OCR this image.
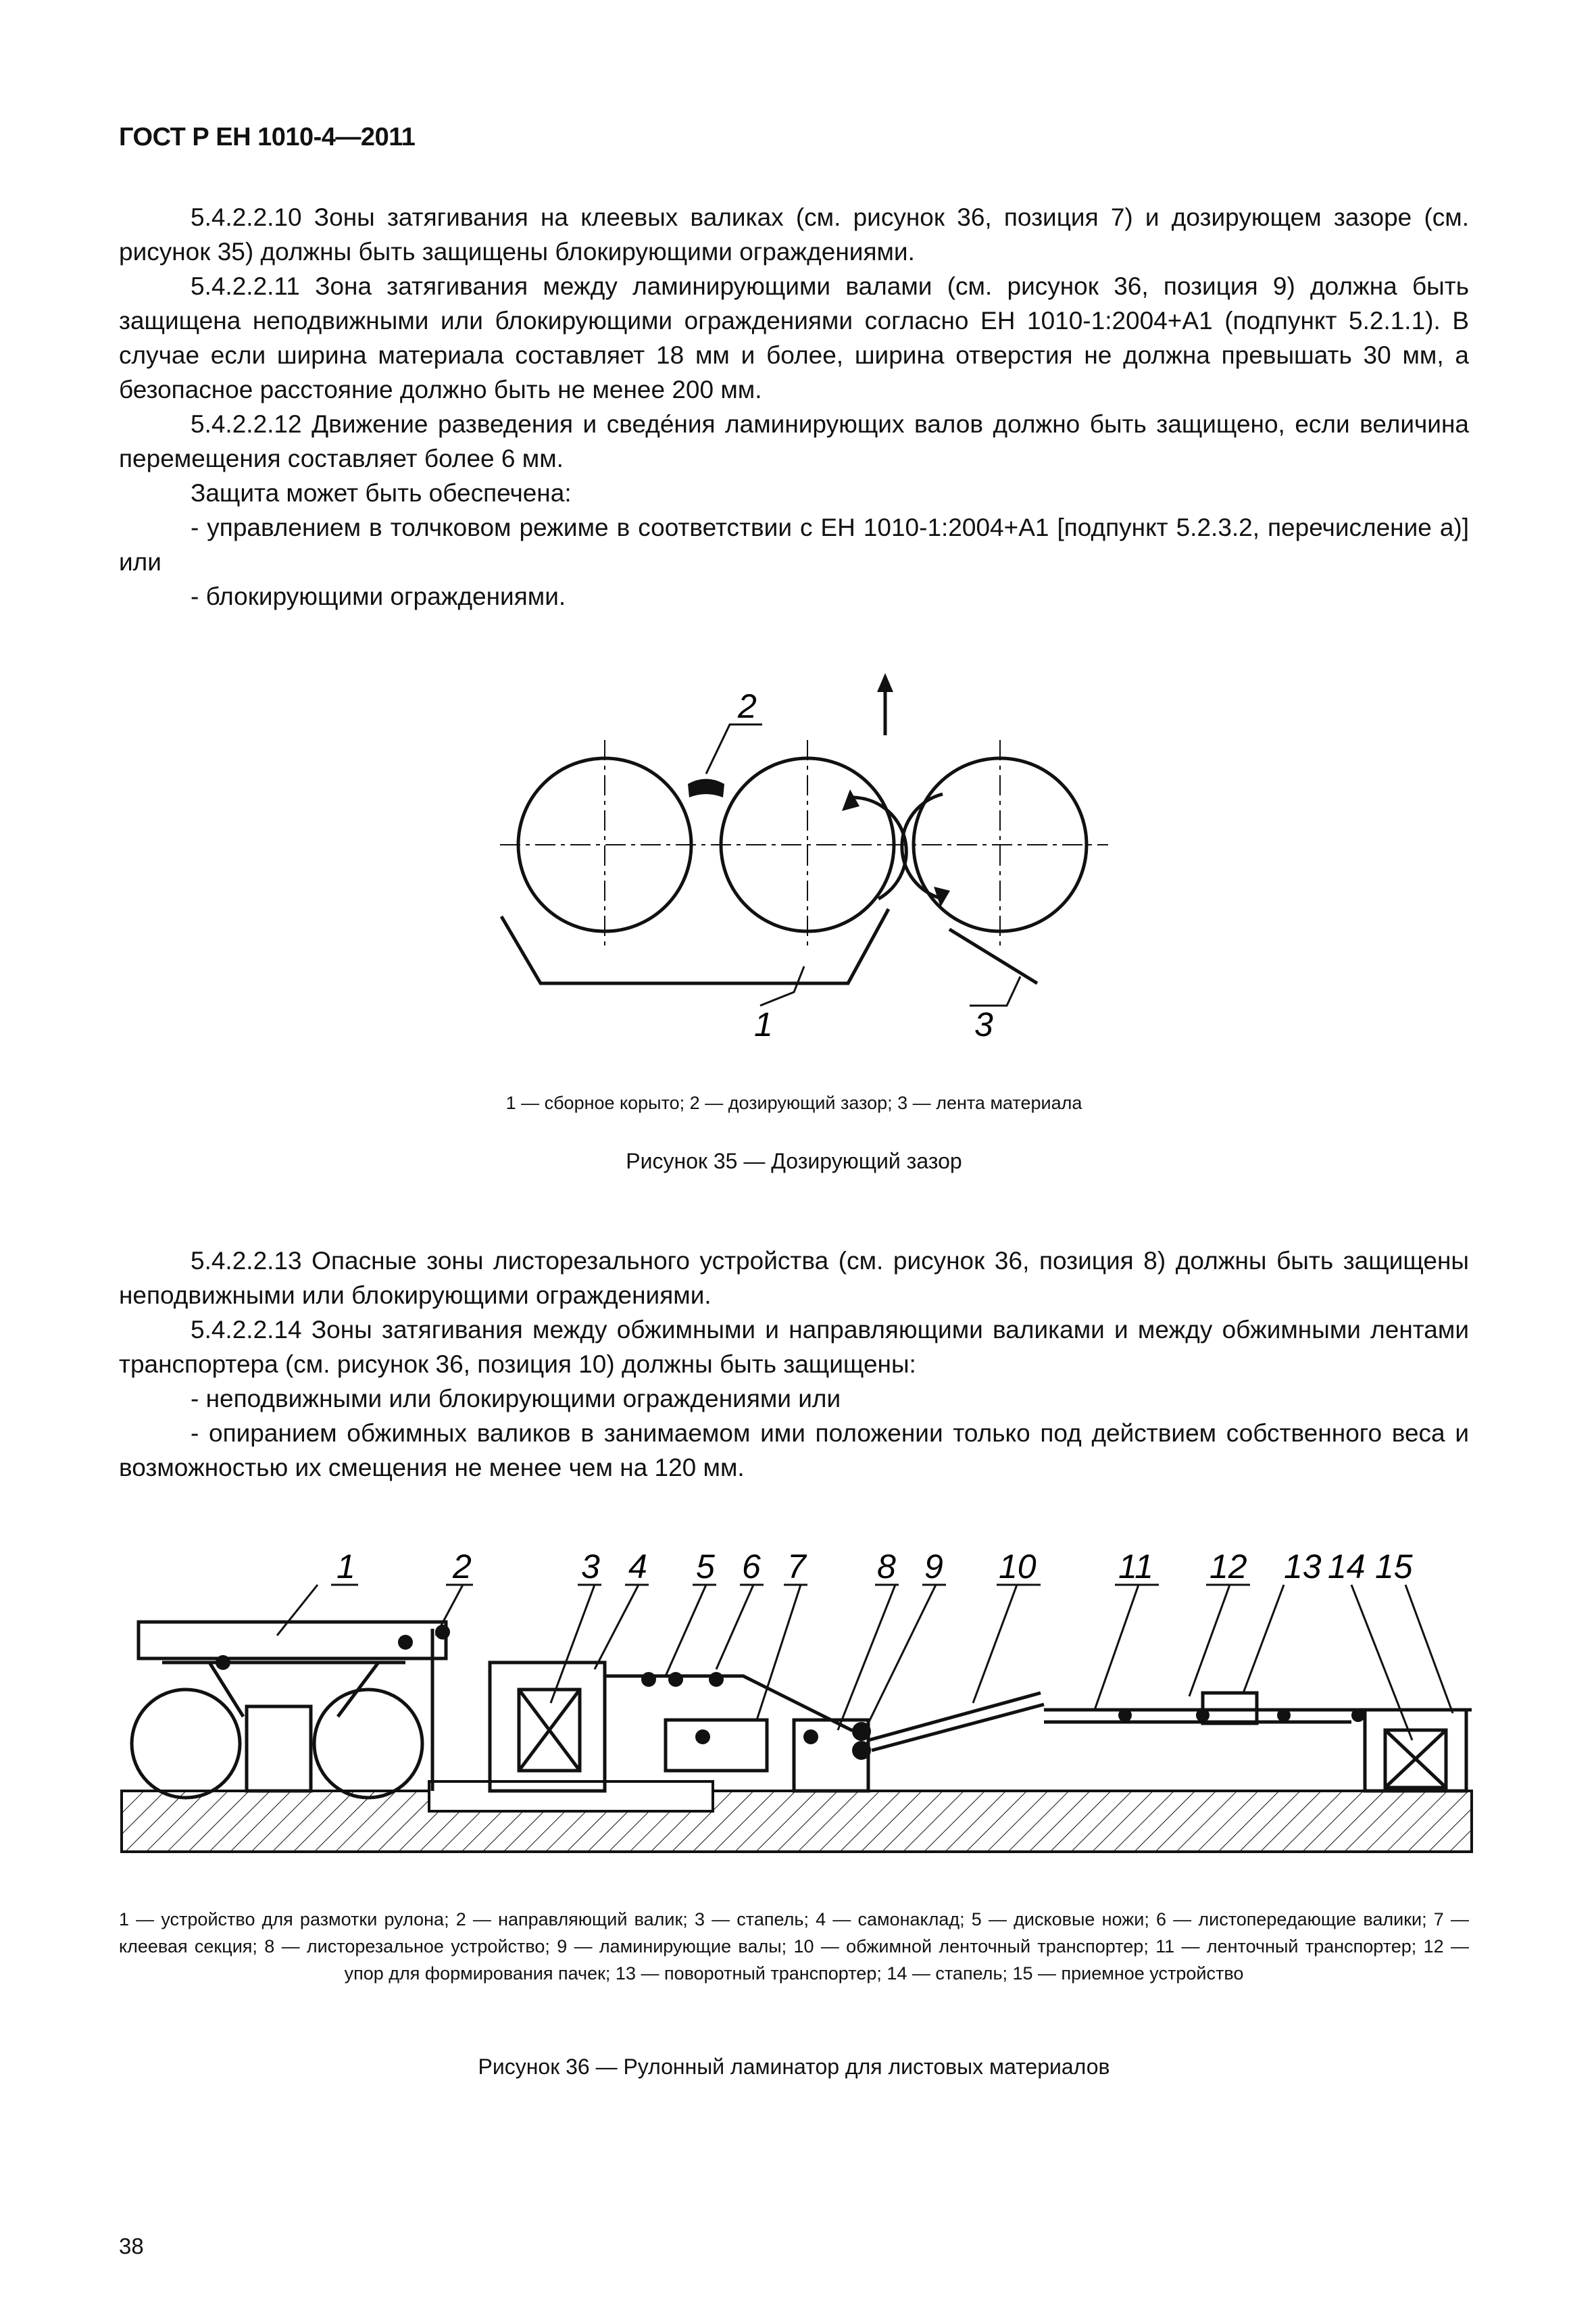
ГОСТ Р ЕН 1010-4—2011

5.4.2.2.10 Зоны затягивания на клеевых валиках (см. рисунок 36, позиция 7) и дозирующем зазоре (см. рисунок 35) должны быть защищены блокирующими ограждениями.

5.4.2.2.11 Зона затягивания между ламинирующими валами (см. рисунок 36, позиция 9) должна быть защищена неподвижными или блокирующими ограждениями согласно ЕН 1010-1:2004+А1 (подпункт 5.2.1.1). В случае если ширина материала составляет 18 мм и более, ширина отверстия не должна превышать 30 мм, а безопасное расстояние должно быть не менее 200 мм.

5.4.2.2.12 Движение разведения и сведе́ния ламинирующих валов должно быть защищено, если величина перемещения составляет более 6 мм.

Защита может быть обеспечена:

- управлением в толчковом режиме в соответствии с ЕН 1010-1:2004+А1 [подпункт 5.2.3.2, перечисление а)] или

- блокирующими ограждениями.

2
1	3

1 — сборное корыто; 2 — дозирующий зазор; 3 — лента материала

Рисунок 35 — Дозирующий зазор

5.4.2.2.13 Опасные зоны листорезального устройства (см. рисунок 36, позиция 8) должны быть защищены неподвижными или блокирующими ограждениями.

5.4.2.2.14 Зоны затягивания между обжимными и направляющими валиками и между обжимными лентами транспортера (см. рисунок 36, позиция 10) должны быть защищены:

- неподвижными или блокирующими ограждениями или

- опиранием обжимных валиков в занимаемом ими положении только под действием собственного веса и возможностью их смещения не менее чем на 120 мм.

1	2	3 4 5 6 7 8 9 10 11 12 13 14 15

1 — устройство для размотки рулона; 2 — направляющий валик; 3 — стапель; 4 — самонаклад; 5 — дисковые ножи; 6 — листопередающие валики; 7 — клеевая секция; 8 — листорезальное устройство; 9 — ламинирующие валы; 10 — обжимной ленточный транспортер; 11 — ленточный транспортер; 12 — упор для формирования пачек; 13 — поворотный транспортер; 14 — стапель; 15 — приемное устройство

Рисунок 36 — Рулонный ламинатор для листовых материалов
38
